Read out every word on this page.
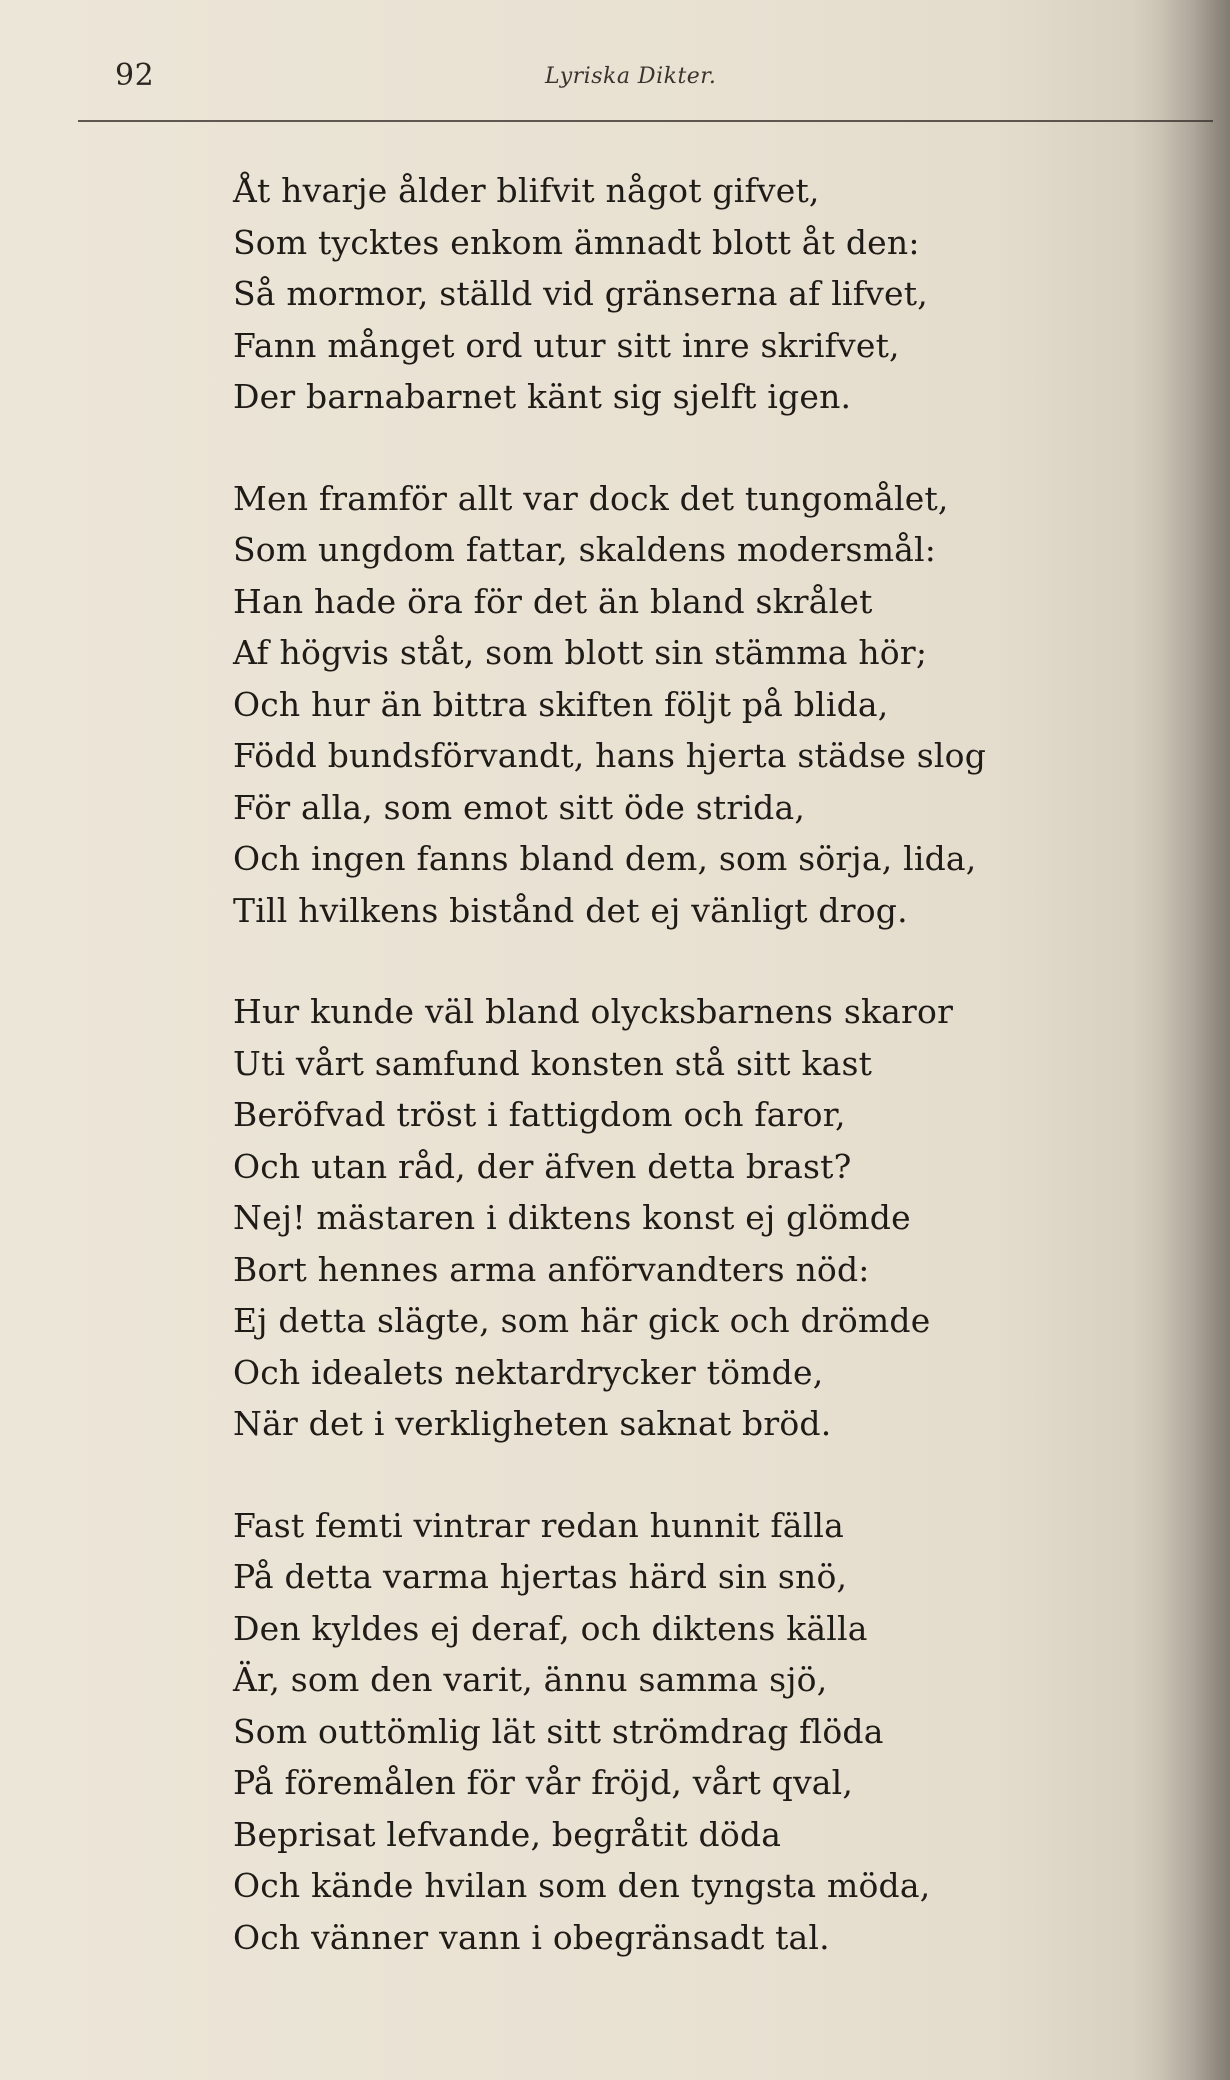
92	Lyriska Dikter.
Åt hvarje ålder blifvit något gifvet,
Som tycktes enkom ämnadt blott åt den:
Så mormor, ställd vid gränserna af lifvet,
Fann månget ord utur sitt inre skrifvet,
Der barnabarnet känt sig sjelft igen.
Men framför allt var dock det tungomålet,
Som ungdom fattar, skaldens modersmål:
Han hade öra för det än bland skrålet
Af högvis ståt, som blott sin stämma hör;
Och hur än bittra skiften följt på blida,
Född bundsförvandt, hans hjerta städse slog
För alla, som emot sitt öde strida,
Och ingen fanns bland dem, som sörja, lida,
Till hvilkens bistånd det ej vänligt drog.
Hur kunde väl bland olycksbarnens skaror
Uti vårt samfund konsten stå sitt kast
Beröfvad tröst i fattigdom och faror,
Och utan råd, der äfven detta brast?
Nej! mästaren i diktens konst ej glömde
Bort hennes arma anförvandters nöd:
Ej detta slägte, som här gick och drömde
Och idealets nektardrycker tömde,
När det i verkligheten saknat bröd.
Fast femti vintrar redan hunnit fälla
På detta varma hjertas härd sin snö,
Den kyldes ej deraf, och diktens källa
Är, som den varit, ännu samma sjö,
Som outtömlig lät sitt strömdrag flöda
På föremålen för vår fröjd, vårt qval,
Beprisat lefvande, begråtit döda
Och kände hvilan som den tyngsta möda,
Och vänner vann i obegränsadt tal.
